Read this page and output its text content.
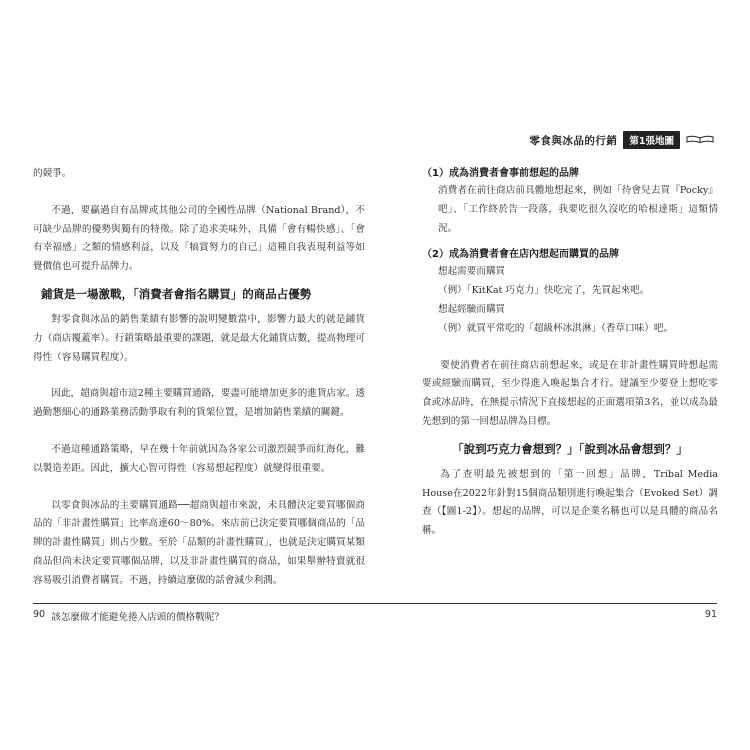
零食與冰品的行銷	第1張地圖

的競爭。

不過，要贏過自有品牌或其他公司的全國性品牌（National Brand），不可缺少品牌的優勢與獨有的特徵。除了追求美味外，具備「會有暢快感」、「會有幸福感」之類的情感利益，以及「犒賞努力的自己」這種自我表現利益等如覺價值也可提升品牌力。

鋪貨是一場激戰，「消費者會指名購買」的商品占優勢

對零食與冰品的銷售業績有影響的說明變數當中，影響力最大的就是鋪貨力（商店覆蓋率）。行銷策略最重要的課題，就是最大化鋪貨店數，提高物理可得性（容易購買程度）。

因此，超商與超市這2種主要購買通路，要盡可能增加更多的進貨店家。透過勤懇細心的通路業務活動爭取有利的貨架位置，是增加銷售業績的關鍵。

不過這種通路策略，早在幾十年前就因為各家公司激烈競爭而紅海化，難以製造差距。因此，擴大心智可得性（容易想起程度）就變得很重要。

以零食與冰品的主要購買通路──超商與超市來說，未具體決定要買哪個商品的「非計畫性購買」比率高達60～80%。來店前已決定要買哪個商品的「品牌的計畫性購買」則占少數。至於「品類的計畫性購買」，也就是決定購買某類商品但尚未決定要買哪個品牌，以及非計畫性購買的商品，如果舉辦特賣就很容易吸引消費者購買。不過，持續這麼做的話會減少利潤。

該怎麼做才能避免捲入店頭的價格戰呢？

（1）成為消費者會事前想起的品牌

消費者在前往商店前具體地想起來，例如「待會兒去買『Pocky』吧」、「工作終於告一段落，我要吃很久沒吃的哈根達斯」這類情況。

（2）成為消費者會在店內想起而購買的品牌

想起需要而購買

（例）「KitKat 巧克力」快吃完了，先買起來吧。

想起經驗而購買

（例）就買平常吃的「超級杯冰淇淋」（香草口味）吧。

要使消費者在前往商店前想起來，或是在非計畫性購買時想起需要或經驗而購買，至少得進入喚起集合才行。建議至少要登上想吃零食或冰品時，在無提示情況下直接想起的正面選項第3名，並以成為最先想到的第一回想品牌為目標。

「說到巧克力會想到？」「說到冰品會想到？」

為了查明最先被想到的「第一回想」品牌，Tribal Media House在2022年針對15個商品類別進行喚起集合（Evoked Set）調查（【圖1-2】）。想起的品牌，可以是企業名稱也可以是具體的商品名稱。

90	91
